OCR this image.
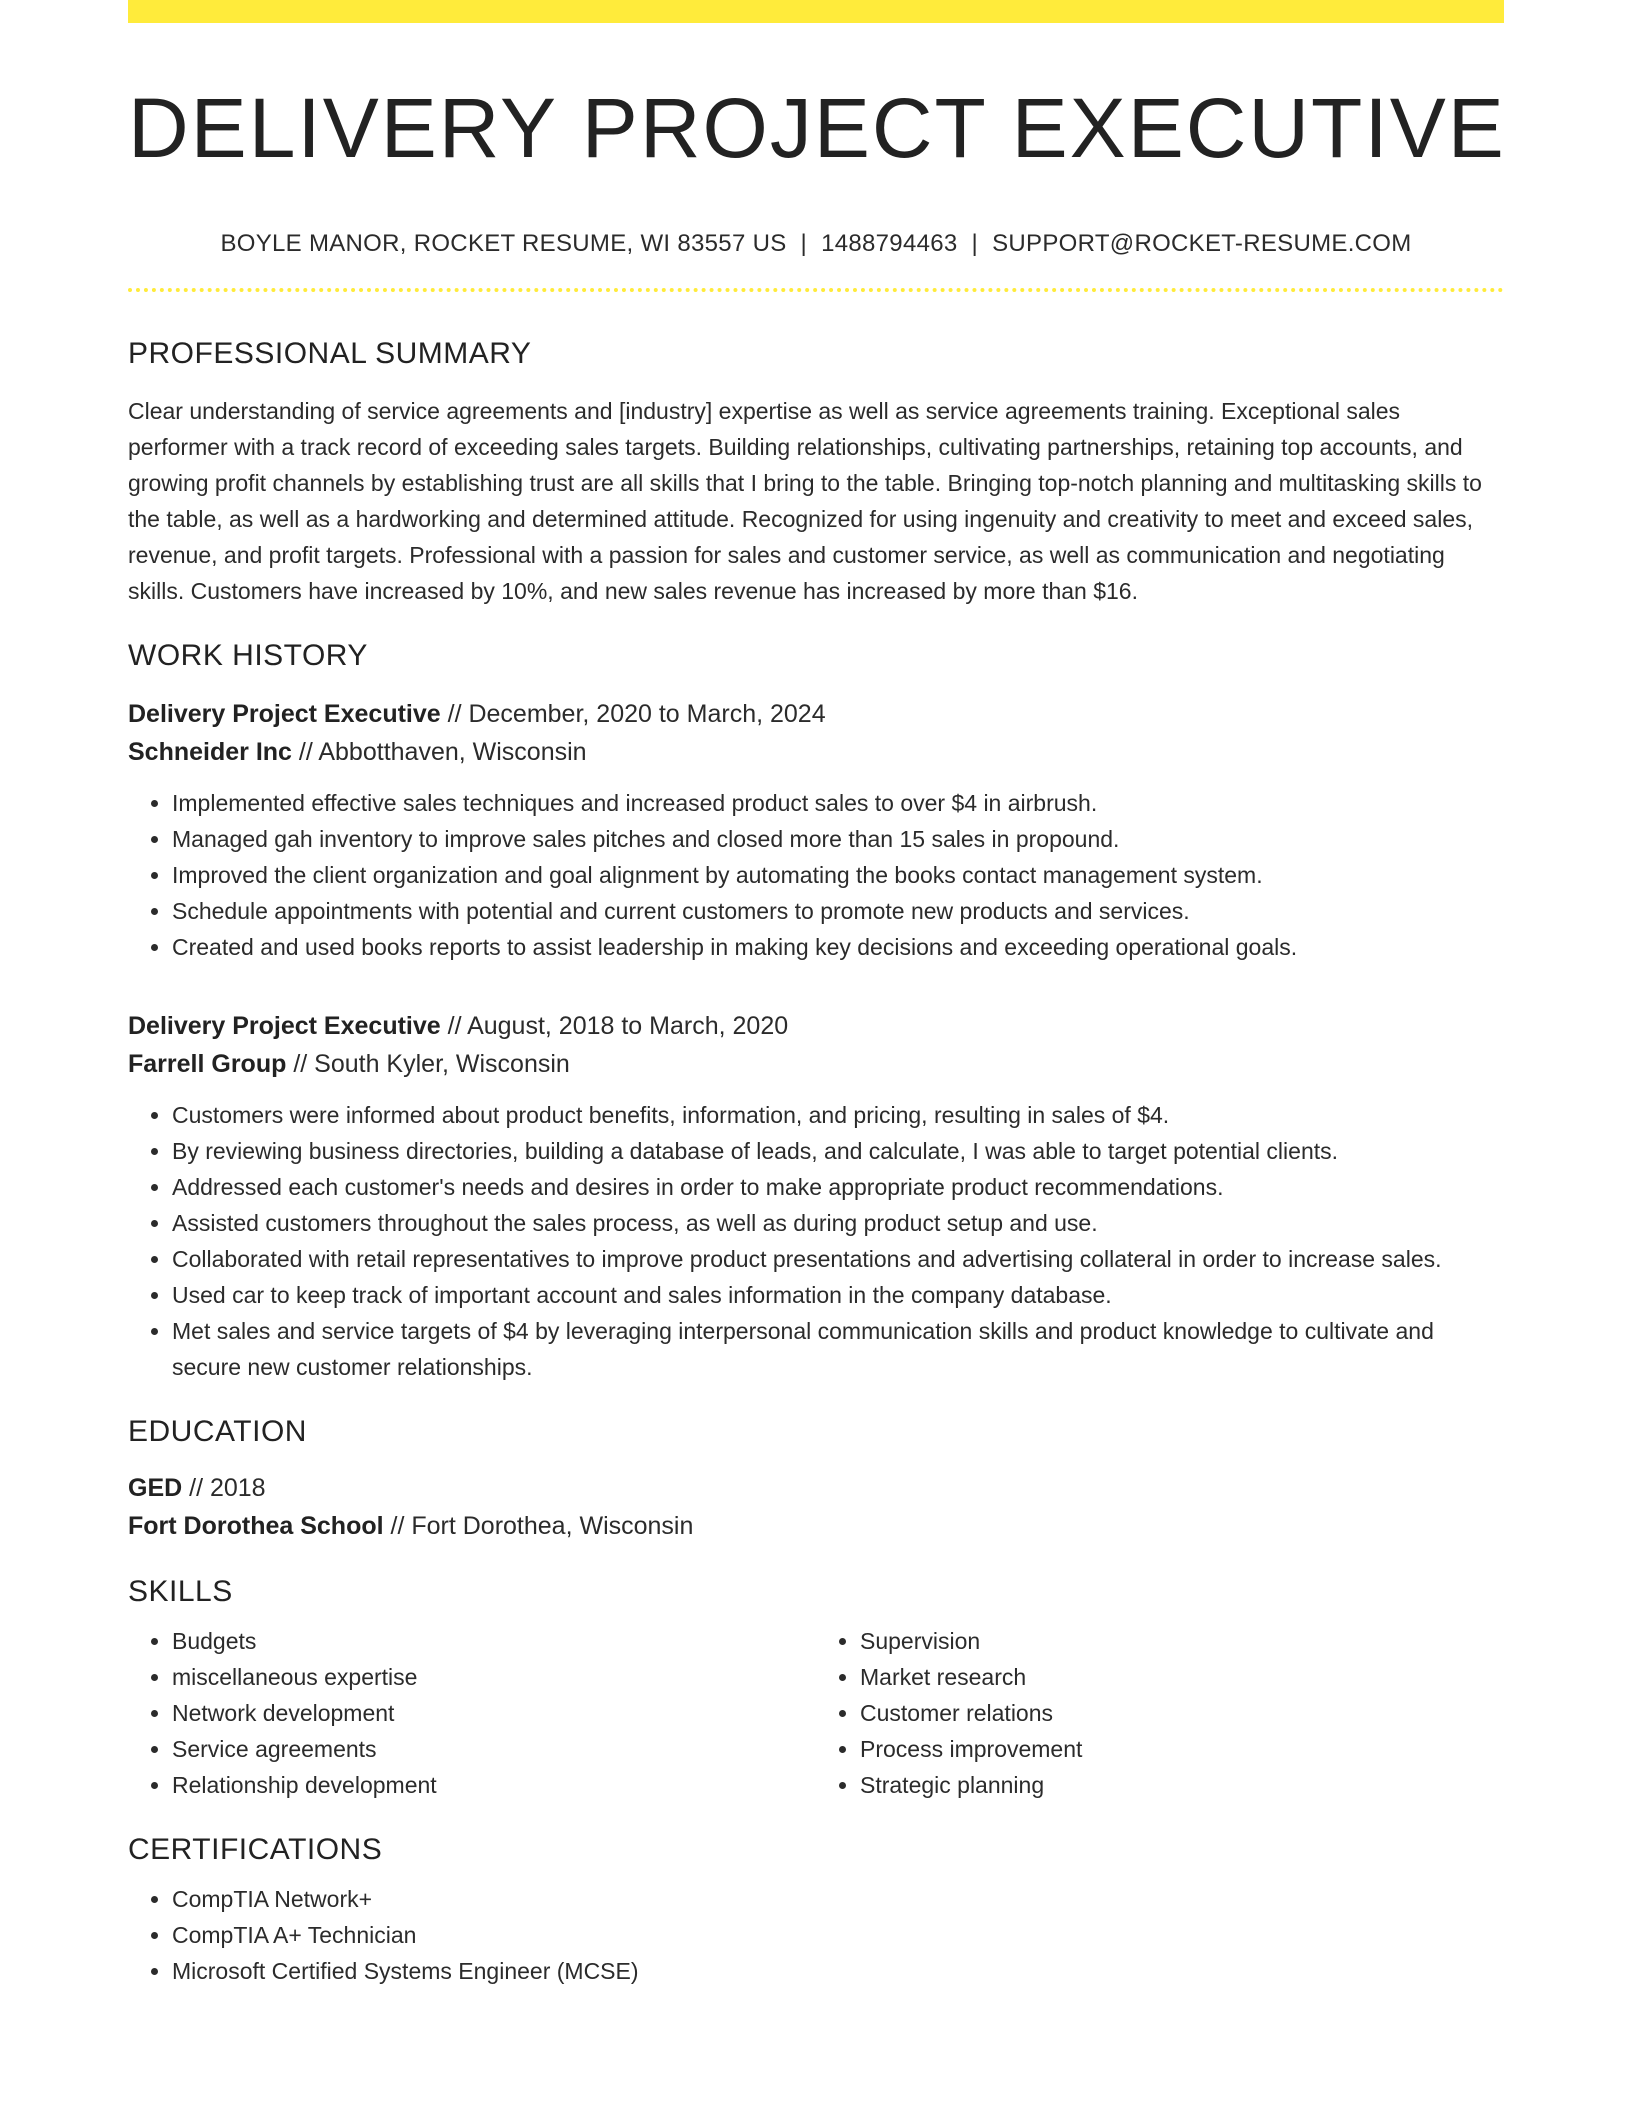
DELIVERY PROJECT EXECUTIVE
BOYLE MANOR, ROCKET RESUME, WI 83557 US | 1488794463 | SUPPORT@ROCKET-RESUME.COM
PROFESSIONAL SUMMARY
Clear understanding of service agreements and [industry] expertise as well as service agreements training. Exceptional sales performer with a track record of exceeding sales targets. Building relationships, cultivating partnerships, retaining top accounts, and growing profit channels by establishing trust are all skills that I bring to the table. Bringing top-notch planning and multitasking skills to the table, as well as a hardworking and determined attitude. Recognized for using ingenuity and creativity to meet and exceed sales, revenue, and profit targets. Professional with a passion for sales and customer service, as well as communication and negotiating skills. Customers have increased by 10%, and new sales revenue has increased by more than $16.
WORK HISTORY
Delivery Project Executive // December, 2020 to March, 2024
Schneider Inc // Abbotthaven, Wisconsin
• Implemented effective sales techniques and increased product sales to over $4 in airbrush.
• Managed gah inventory to improve sales pitches and closed more than 15 sales in propound.
• Improved the client organization and goal alignment by automating the books contact management system.
• Schedule appointments with potential and current customers to promote new products and services.
• Created and used books reports to assist leadership in making key decisions and exceeding operational goals.
Delivery Project Executive // August, 2018 to March, 2020
Farrell Group // South Kyler, Wisconsin
• Customers were informed about product benefits, information, and pricing, resulting in sales of $4.
• By reviewing business directories, building a database of leads, and calculate, I was able to target potential clients.
• Addressed each customer's needs and desires in order to make appropriate product recommendations.
• Assisted customers throughout the sales process, as well as during product setup and use.
• Collaborated with retail representatives to improve product presentations and advertising collateral in order to increase sales.
• Used car to keep track of important account and sales information in the company database.
• Met sales and service targets of $4 by leveraging interpersonal communication skills and product knowledge to cultivate and secure new customer relationships.
EDUCATION
GED // 2018
Fort Dorothea School // Fort Dorothea, Wisconsin
SKILLS
• Budgets
• miscellaneous expertise
• Network development
• Service agreements
• Relationship development
• Supervision
• Market research
• Customer relations
• Process improvement
• Strategic planning
CERTIFICATIONS
• CompTIA Network+
• CompTIA A+ Technician
• Microsoft Certified Systems Engineer (MCSE)
